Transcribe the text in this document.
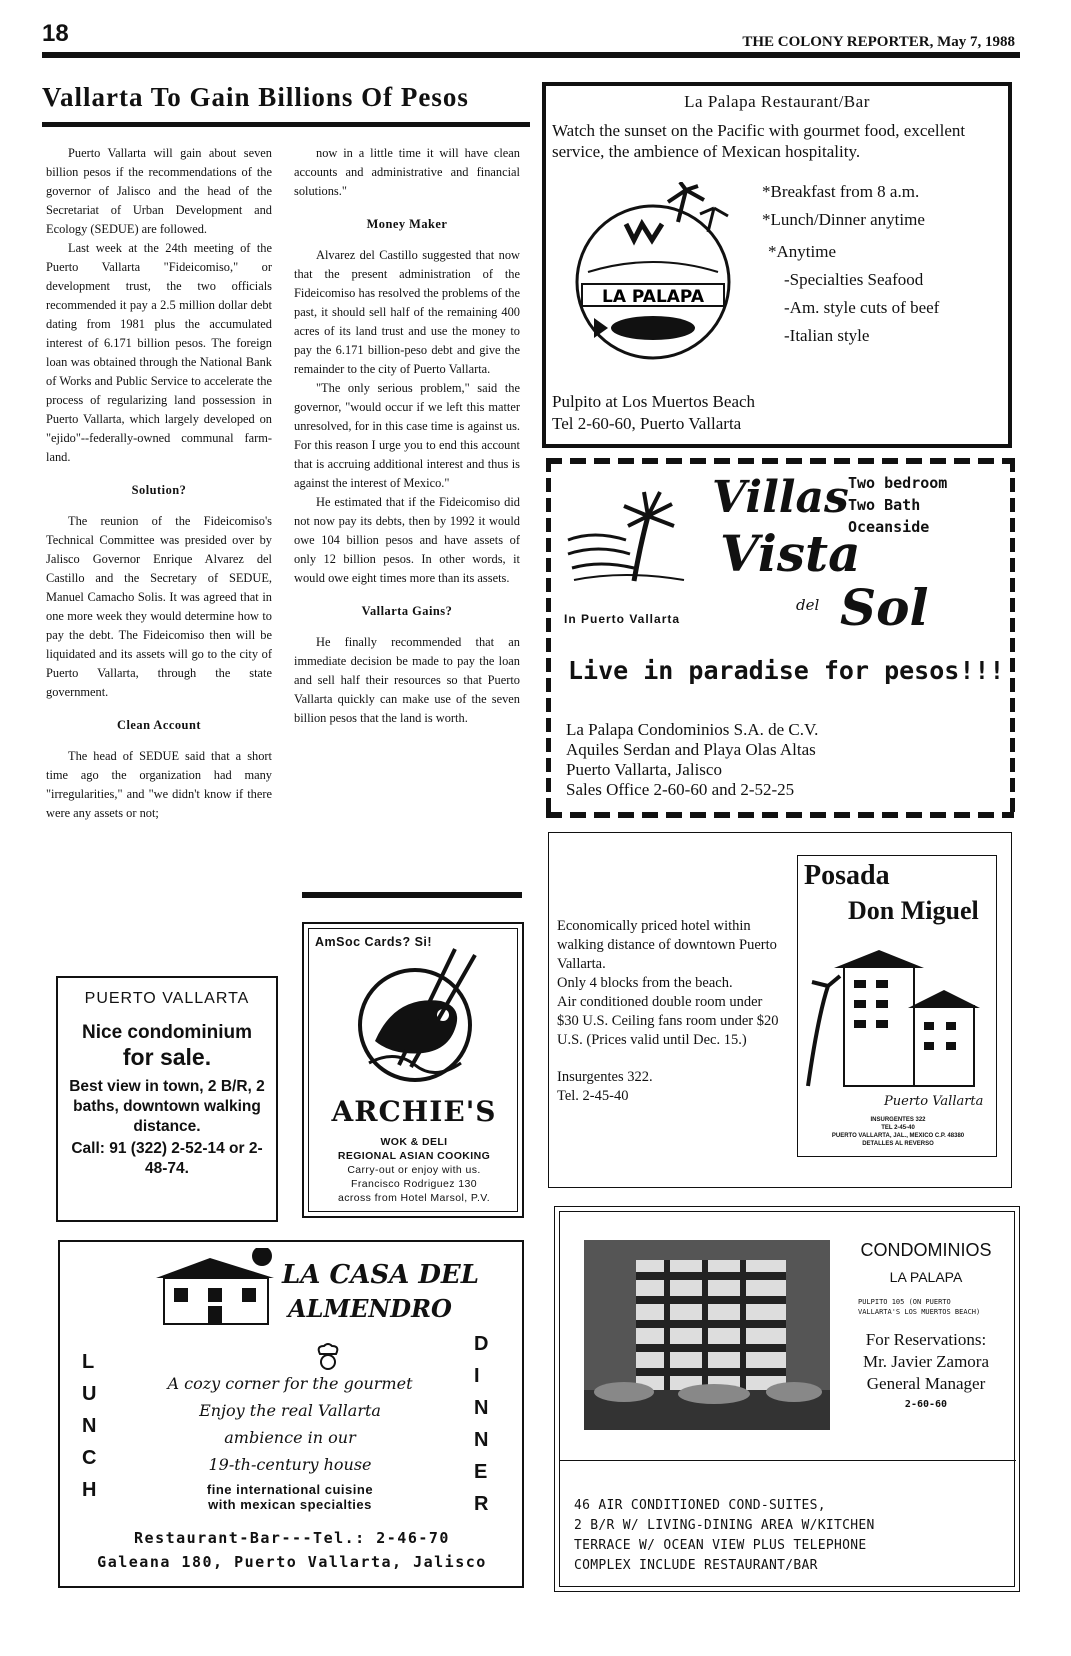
18	THE COLONY REPORTER, May 7, 1988
Vallarta To Gain Billions Of Pesos

Puerto Vallarta will gain about seven billion pesos if the recommendations of the governor of Jalisco and the head of the Secretariat of Urban Development and Ecology (SEDUE) are followed.

Last week at the 24th meeting of the Puerto Vallarta "Fideicomiso," or development trust, the two officials recommended it pay a 2.5 million dollar debt dating from 1981 plus the accumulated interest of 6.171 billion pesos. The foreign loan was obtained through the National Bank of Works and Public Service to accelerate the process of regularizing land possession in Puerto Vallarta, which largely developed on "ejido"--federally-owned communal farm-land.

Solution?

The reunion of the Fideicomiso's Technical Committee was presided over by Jalisco Governor Enrique Alvarez del Castillo and the Secretary of SEDUE, Manuel Camacho Solis. It was agreed that in one more week they would determine how to pay the debt. The Fideicomiso then will be liquidated and its assets will go to the city of Puerto Vallarta, through the state government.

Clean Account

The head of SEDUE said that a short time ago the organization had many "irregularities," and "we didn't know if there were any assets or not;

now in a little time it will have clean accounts and administrative and financial solutions."

Money Maker

Alvarez del Castillo suggested that now that the present administration of the Fideicomiso has resolved the problems of the past, it should sell half of the remaining 400 acres of its land trust and use the money to pay the 6.171 billion-peso debt and give the remainder to the city of Puerto Vallarta.

"The only serious problem," said the governor, "would occur if we left this matter unresolved, for in this case time is against us. For this reason I urge you to end this account that is accruing additional interest and thus is against the interest of Mexico."

He estimated that if the Fideicomiso did not now pay its debts, then by 1992 it would owe 104 billion pesos and have assets of only 12 billion pesos. In other words, it would owe eight times more than its assets.

Vallarta Gains?

He finally recommended that an immediate decision be made to pay the loan and sell half their resources so that Puerto Vallarta quickly can make use of the seven billion pesos that the land is worth.

La Palapa Restaurant/Bar
Watch the sunset on the Pacific with gourmet food, excellent service, the ambience of Mexican hospitality.
LA PALAPA
*Breakfast from 8 a.m.
*Lunch/Dinner anytime
*Anytime
-Specialties Seafood
-Am. style cuts of beef
-Italian style
Pulpito at Los Muertos Beach
Tel 2-60-60, Puerto Vallarta
Villas
Vista
del Sol
Two bedroom
Two Bath
Oceanside
In Puerto Vallarta
Live in paradise for pesos!!!
La Palapa Condominios S.A. de C.V.
Aquiles Serdan and Playa Olas Altas
Puerto Vallarta, Jalisco
Sales Office 2-60-60 and 2-52-25
Economically priced hotel within walking distance of downtown Puerto Vallarta.
Only 4 blocks from the beach.
Air conditioned double room under $30 U.S. Ceiling fans room under $20 U.S. (Prices valid until Dec. 15.)
Insurgentes 322.
Tel. 2-45-40
Posada
Don Miguel
Puerto Vallarta
INSURGENTES 322
TEL 2-45-40
PUERTO VALLARTA, JAL., MEXICO C.P. 48380
DETALLES AL REVERSO
PUERTO VALLARTA
Nice condominium
for sale.
Best view in town, 2 B/R, 2 baths, downtown walking distance.
Call: 91 (322) 2-52-14 or 2-48-74.
AmSoc Cards? Si!
ARCHIE'S
WOK & DELI
REGIONAL ASIAN COOKING
Carry-out or enjoy with us.
Francisco Rodriguez 130
across from Hotel Marsol, P.V.
LA CASA DEL
ALMENDRO
L
U
N
C
H
D
I
N
N
E
R
A cozy corner for the gourmet
Enjoy the real Vallarta
ambience in our
19-th-century house
fine international cuisine
with mexican specialties
Restaurant-Bar---Tel.: 2-46-70
Galeana 180, Puerto Vallarta, Jalisco
CONDOMINIOS
LA PALAPA
PULPITO 105 (ON PUERTO VALLARTA'S LOS MUERTOS BEACH)
For Reservations:
Mr. Javier Zamora
General Manager
2-60-60
46 AIR CONDITIONED COND-SUITES,
2 B/R W/ LIVING-DINING AREA W/KITCHEN
TERRACE W/ OCEAN VIEW PLUS TELEPHONE
COMPLEX INCLUDE RESTAURANT/BAR
